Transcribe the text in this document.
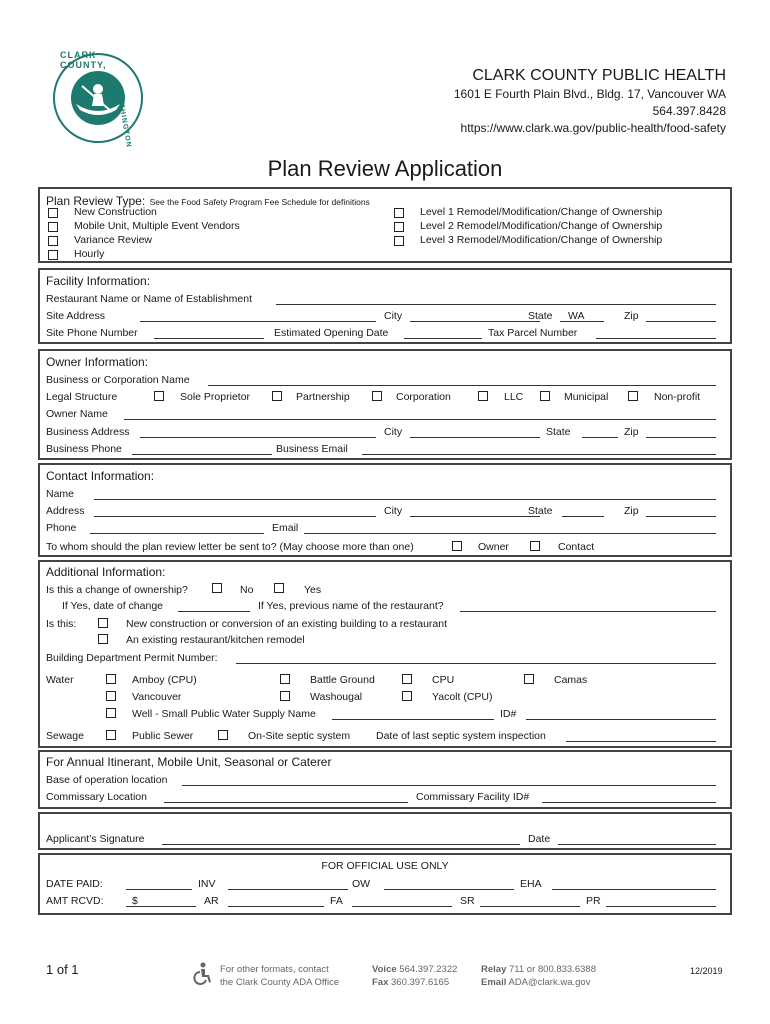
CLARK COUNTY,
WASHINGTON
CLARK COUNTY PUBLIC HEALTH
1601 E Fourth Plain Blvd., Bldg. 17, Vancouver WA
564.397.8428
https://www.clark.wa.gov/public-health/food-safety
Plan Review Application
Plan Review Type: See the Food Safety Program Fee Schedule for definitions
New Construction
Mobile Unit, Multiple Event Vendors
Variance Review
Hourly
Level 1 Remodel/Modification/Change of Ownership
Level 2 Remodel/Modification/Change of Ownership
Level 3 Remodel/Modification/Change of Ownership
Facility Information:
Restaurant Name or Name of Establishment
Site Address	City	State WA	Zip
Site Phone Number	Estimated Opening Date	Tax Parcel Number
Owner Information:
Business or Corporation Name
Legal Structure	Sole Proprietor	Partnership	Corporation	LLC	Municipal	Non-profit
Owner Name
Business Address	City	State	Zip
Business Phone	Business Email
Contact Information:
Name
Address	City	State	Zip
Phone	Email
To whom should the plan review letter be sent to? (May choose more than one)	Owner	Contact
Additional Information:
Is this a change of ownership?	No	Yes
If Yes, date of change	If Yes, previous name of the restaurant?
Is this:	New construction or conversion of an existing building to a restaurant
An existing restaurant/kitchen remodel
Building Department Permit Number:
Water	Amboy (CPU)	Battle Ground	CPU	Camas
Vancouver	Washougal	Yacolt (CPU)
Well - Small Public Water Supply Name	ID#
Sewage	Public Sewer	On-Site septic system Date of last septic system inspection
For Annual Itinerant, Mobile Unit, Seasonal or Caterer
Base of operation location
Commissary Location	Commissary Facility ID#
Applicant’s Signature	Date
FOR OFFICIAL USE ONLY
DATE PAID:	INV	OW	EHA
AMT RCVD:	$	AR	FA	SR	PR
1 of 1	For other formats, contact
the Clark County ADA Office
Voice 564.397.2322
Fax 360.397.6165
Relay 711 or 800.833.6388
Email ADA@clark.wa.gov
12/2019
